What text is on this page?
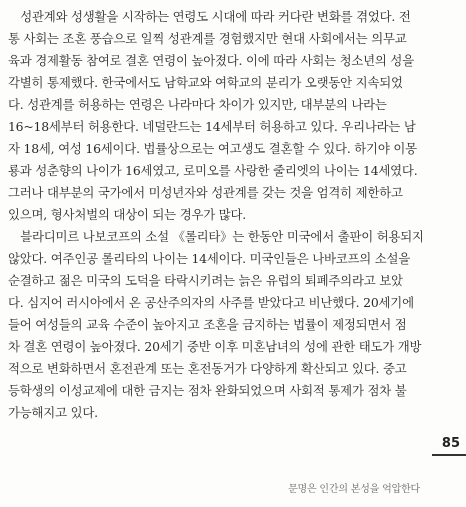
　성관계와 성생활을 시작하는 연령도 시대에 따라 커다란 변화를 겪었다. 전
통 사회는 조혼 풍습으로 일찍 성관계를 경험했지만 현대 사회에서는 의무교
육과 경제활동 참여로 결혼 연령이 높아졌다. 이에 따라 사회는 청소년의 성을
각별히 통제했다. 한국에서도 남학교와 여학교의 분리가 오랫동안 지속되었
다. 성관계를 허용하는 연령은 나라마다 차이가 있지만, 대부분의 나라는
16~18세부터 허용한다. 네덜란드는 14세부터 허용하고 있다. 우리나라는 남
자 18세, 여성 16세이다. 법률상으로는 여고생도 결혼할 수 있다. 하기야 이몽
룡과 성춘향의 나이가 16세였고, 로미오를 사랑한 줄리엣의 나이는 14세였다.
그러나 대부분의 국가에서 미성년자와 성관계를 갖는 것을 엄격히 제한하고
있으며, 형사처벌의 대상이 되는 경우가 많다.
　블라디미르 나보코프의 소설 《롤리타》는 한동안 미국에서 출판이 허용되지
않았다. 여주인공 롤리타의 나이는 14세이다. 미국인들은 나바코프의 소설을
순결하고 젊은 미국의 도덕을 타락시키려는 늙은 유럽의 퇴폐주의라고 보았
다. 심지어 러시아에서 온 공산주의자의 사주를 받았다고 비난했다. 20세기에
들어 여성들의 교육 수준이 높아지고 조혼을 금지하는 법률이 제정되면서 점
차 결혼 연령이 높아졌다. 20세기 중반 이후 미혼남녀의 성에 관한 태도가 개방
적으로 변화하면서 혼전관계 또는 혼전동거가 다양하게 확산되고 있다. 중고
등학생의 이성교제에 대한 금지는 점차 완화되었으며 사회적 통제가 점차 불
가능해지고 있다.
85
문명은 인간의 본성을 억압한다
